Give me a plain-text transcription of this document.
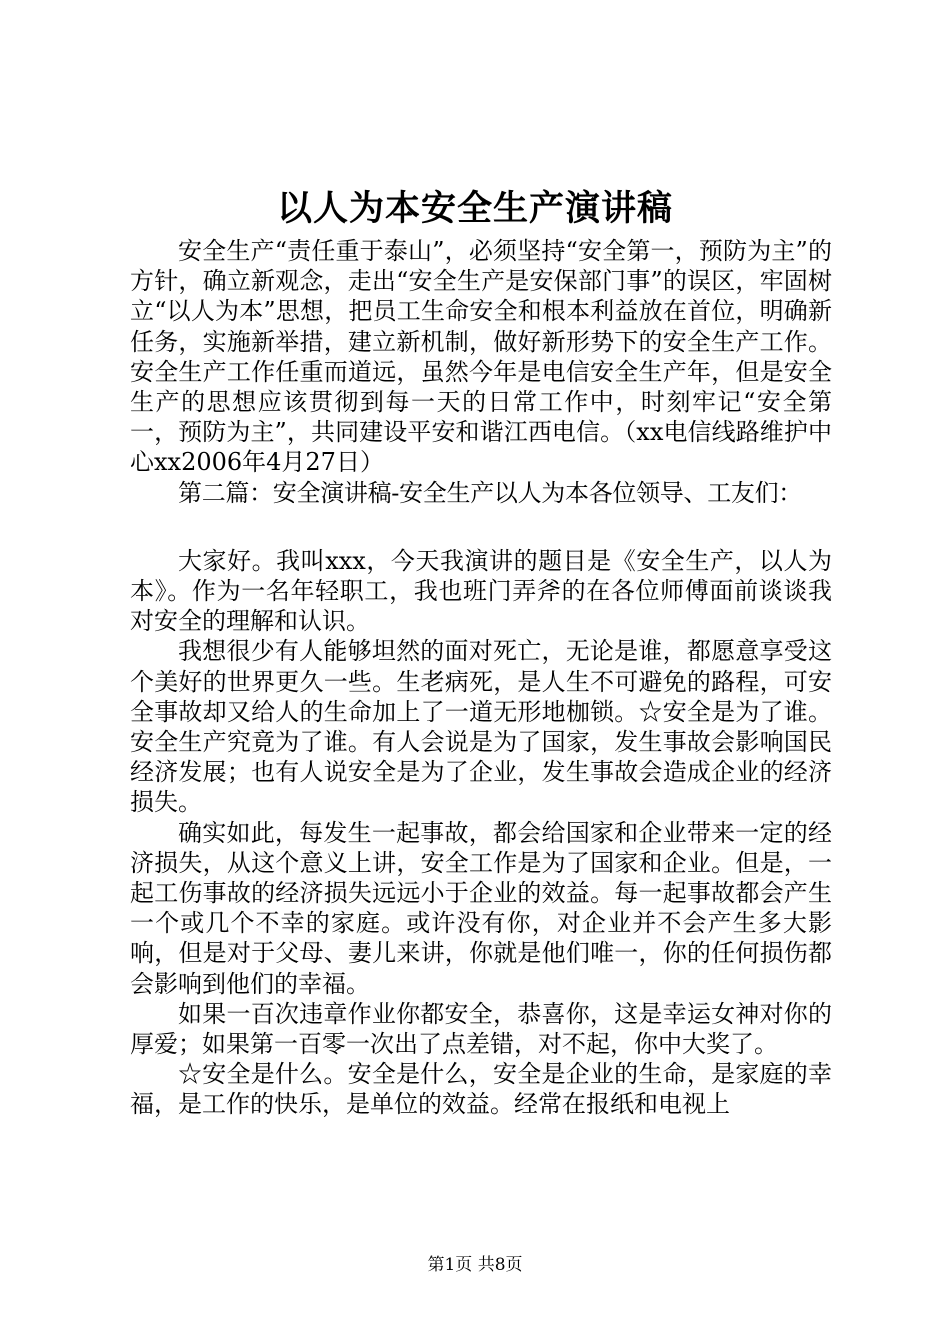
以人为本安全生产演讲稿

安全生产“责任重于泰山”，必须坚持“安全第一，预防为主”的方针，确立新观念，走出“安全生产是安保部门事”的误区，牢固树立“以人为本”思想，把员工生命安全和根本利益放在首位，明确新任务，实施新举措，建立新机制，做好新形势下的安全生产工作。安全生产工作任重而道远，虽然今年是电信安全生产年，但是安全生产的思想应该贯彻到每一天的日常工作中，时刻牢记“安全第一，预防为主”，共同建设平安和谐江西电信。（xx电信线路维护中心xx2006年4月27日）

第二篇：安全演讲稿-安全生产以人为本各位领导、工友们：

大家好。我叫xxx，今天我演讲的题目是《安全生产，以人为本》。作为一名年轻职工，我也班门弄斧的在各位师傅面前谈谈我对安全的理解和认识。

我想很少有人能够坦然的面对死亡，无论是谁，都愿意享受这个美好的世界更久一些。生老病死，是人生不可避免的路程，可安全事故却又给人的生命加上了一道无形地枷锁。☆安全是为了谁。安全生产究竟为了谁。有人会说是为了国家，发生事故会影响国民经济发展；也有人说安全是为了企业，发生事故会造成企业的经济损失。

确实如此，每发生一起事故，都会给国家和企业带来一定的经济损失，从这个意义上讲，安全工作是为了国家和企业。但是，一起工伤事故的经济损失远远小于企业的效益。每一起事故都会产生一个或几个不幸的家庭。或许没有你，对企业并不会产生多大影响，但是对于父母、妻儿来讲，你就是他们唯一，你的任何损伤都会影响到他们的幸福。

如果一百次违章作业你都安全，恭喜你，这是幸运女神对你的厚爱；如果第一百零一次出了点差错，对不起，你中大奖了。

☆安全是什么。安全是什么，安全是企业的生命，是家庭的幸福，是工作的快乐，是单位的效益。经常在报纸和电视上

第1页 共8页
